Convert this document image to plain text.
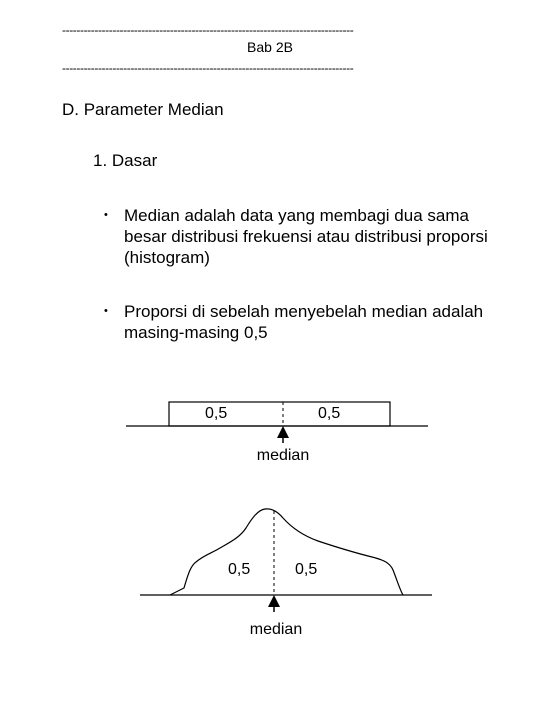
---------------------------------------------------------------------------------
Bab 2B
---------------------------------------------------------------------------------
D. Parameter Median
1. Dasar
• Median adalah data yang membagi dua sama besar distribusi frekuensi atau distribusi proporsi (histogram)
• Proporsi di sebelah menyebelah median adalah masing-masing 0,5
0,5	0,5
median
0,5	0,5
median
